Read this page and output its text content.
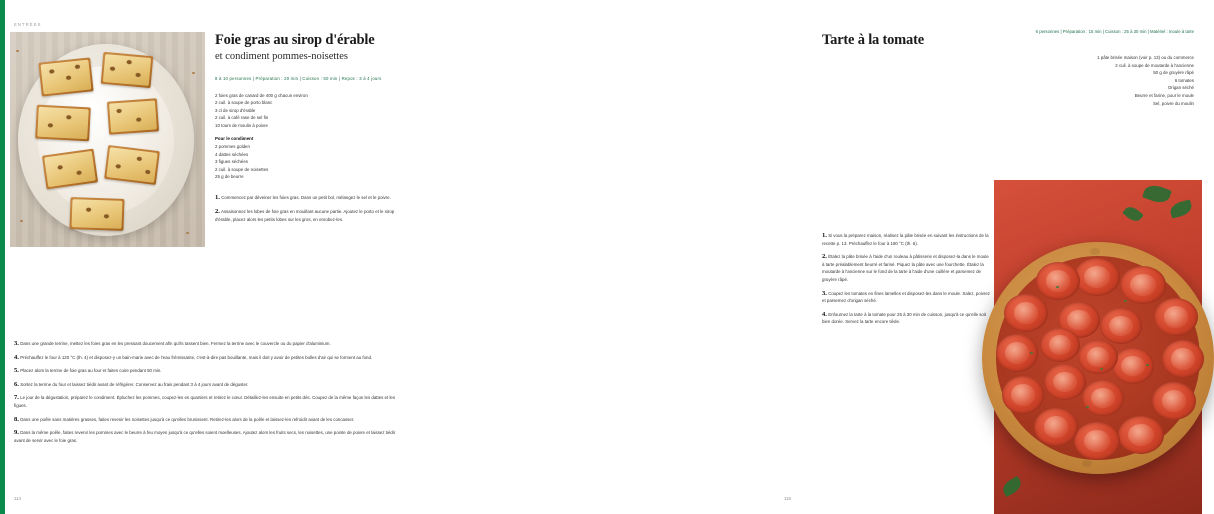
ENTRÉES
Foie gras au sirop d'érable
et condiment pommes-noisettes
8 à 10 personnes | Préparation : 20 min | Cuisson : 50 min | Repos : 3 à 4 jours
2 foies gras de canard de 400 g chacun environ
2 cuil. à soupe de porto blanc
3 cl de sirop d'érable
2 cuil. à café rase de sel fin
10 tours de moulin à poivre
Pour le condiment
2 pommes golden
4 dattes séchées
3 figues séchées
2 cuil. à soupe de noisettes
25 g de beurre
1. Commencez par déveiner les foies gras. Dans un petit bol, mélangez le sel et le poivre.
2. Assaisonnez les lobes de foie gras en mouillant aucune partie. Ajoutez le porto et le sirop d'érable, placez alors les petits lobes sur les gros, en enrobez-les.
3. Dans une grande terrine, mettez les foies gras en les pressant doucement afin qu'ils tassent bien. Fermez la terrine avec le couvercle ou du papier d'aluminium.
4. Préchauffez le four à 120 °C (th. 4) et disposez-y un bain-marie avec de l'eau frémissante, c'est-à-dire pas bouillante, mais il doit y avoir de petites bulles d'air qui se forment au fond.
5. Placez alors la terrine de foie gras au four et faites cuire pendant 50 min.
6. Sortez la terrine du four et laissez tiédir avant de réfrigérer. Conservez au frais pendant 3 à 4 jours avant de déguster.
7. Le jour de la dégustation, préparez le condiment. Épluchez les pommes, coupez-les en quartiers et retirez le cœur. Détaillez-les ensuite en petits dés. Coupez de la même façon les dattes et les figues.
8. Dans une poêle sans matières grasses, faites revenir les noisettes jusqu'à ce qu'elles brunissent. Retirez-les alors de la poêle et laissez-les refroidir avant de les concasser.
9. Dans la même poêle, faites revenir les pommes avec le beurre à feu moyen jusqu'à ce qu'elles soient moelleuses. Ajoutez alors les fruits secs, les noisettes, une pointe de poivre et laissez tiédir avant de servir avec le foie gras.
114
Tarte à la tomate
6 personnes | Préparation : 15 min | Cuisson : 25 à 30 min | Matériel : moule à tarte
1 pâte brisée maison (voir p. 13) ou du commerce
2 cuil. à soupe de moutarde à l'ancienne
50 g de gruyère râpé
6 tomates
Origan séché
Beurre et farine, pour le moule
Sel, poivre du moulin
1. Si vous la préparez maison, réalisez la pâte brisée en suivant les instructions de la recette p. 13. Préchauffez le four à 180 °C (th. 6).
2. Étalez la pâte brisée à l'aide d'un rouleau à pâtisserie et disposez-la dans le moule à tarte préalablement beurré et fariné. Piquez la pâte avec une fourchette. Étalez la moutarde à l'ancienne sur le fond de la tarte à l'aide d'une cuillère et parsemez de gruyère râpé.
3. Coupez les tomates en fines lamelles et disposez-les dans le moule. Salez, poivrez et parsemez d'origan séché.
4. Enfournez la tarte à la tomate pour 25 à 30 min de cuisson, jusqu'à ce qu'elle soit bien dorée. Servez la tarte encore tiède.
115
